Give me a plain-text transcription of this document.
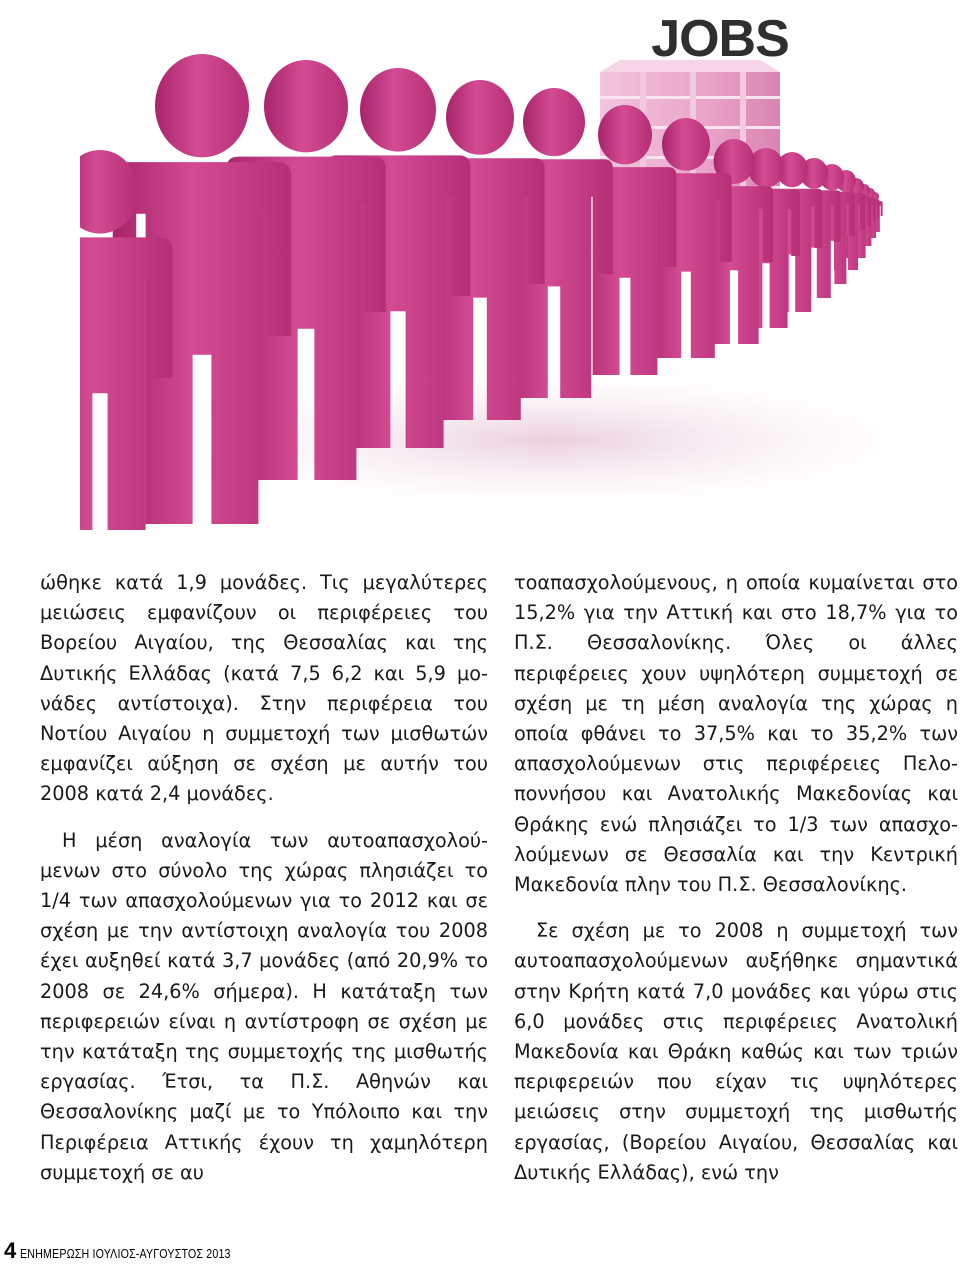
JOBS

ώθηκε κατά 1,9 μονάδες. Τις μεγαλύτερες μειώσεις εμφανίζουν οι περιφέρειες του Βορείου Αιγαίου, της Θεσσαλίας και της Δυτικής Ελλάδας (κατά 7,5 6,2 και 5,9 μονάδες αντίστοιχα). Στην περιφέρεια του Νοτίου Αιγαίου η συμμετοχή των μισθωτών εμφανίζει αύξηση σε σχέση με αυτήν του 2008 κατά 2,4 μονάδες.

Η μέση αναλογία των αυτοαπασχολούμενων στο σύνολο της χώρας πλησιάζει το 1/4 των απασχολούμενων για το 2012 και σε σχέση με την αντίστοιχη αναλογία του 2008 έχει αυξηθεί κατά 3,7 μονάδες (από 20,9% το 2008 σε 24,6% σήμερα). Η κατάταξη των περιφερειών είναι η αντίστροφη σε σχέση με την κατάταξη της συμμετοχής της μισθωτής εργασίας. Έτσι, τα Π.Σ. Αθηνών και Θεσσαλονίκης μαζί με το Υπόλοιπο και την Περιφέρεια Αττικής έχουν τη χαμηλότερη συμμετοχή σε αυ

τοαπασχολούμενους, η οποία κυμαίνεται στο 15,2% για την Αττική και στο 18,7% για το Π.Σ. Θεσσαλονίκης. Όλες οι άλλες περιφέρειες χουν υψηλότερη συμμετοχή σε σχέση με τη μέση αναλογία της χώρας η οποία φθάνει το 37,5% και το 35,2% των απασχολούμενων στις περιφέρειες Πελοποννήσου και Ανατολικής Μακεδονίας και Θράκης ενώ πλησιάζει το 1/3 των απασχολούμενων σε Θεσσαλία και την Κεντρική Μακεδονία πλην του Π.Σ. Θεσσαλονίκης.

Σε σχέση με το 2008 η συμμετοχή των αυτοαπασχολούμενων αυξήθηκε σημαντικά στην Κρήτη κατά 7,0 μονάδες και γύρω στις 6,0 μονάδες στις περιφέρειες Ανατολική Μακεδονία και Θράκη καθώς και των τριών περιφερειών που είχαν τις υψηλότερες μειώσεις στην συμμετοχή της μισθωτής εργασίας, (Βορείου Αιγαίου, Θεσσαλίας και Δυτικής Ελλάδας), ενώ την

4 ΕΝΗΜΕΡΩΣΗ ΙΟΥΛΙΟΣ-ΑΥΓΟΥΣΤΟΣ 2013
